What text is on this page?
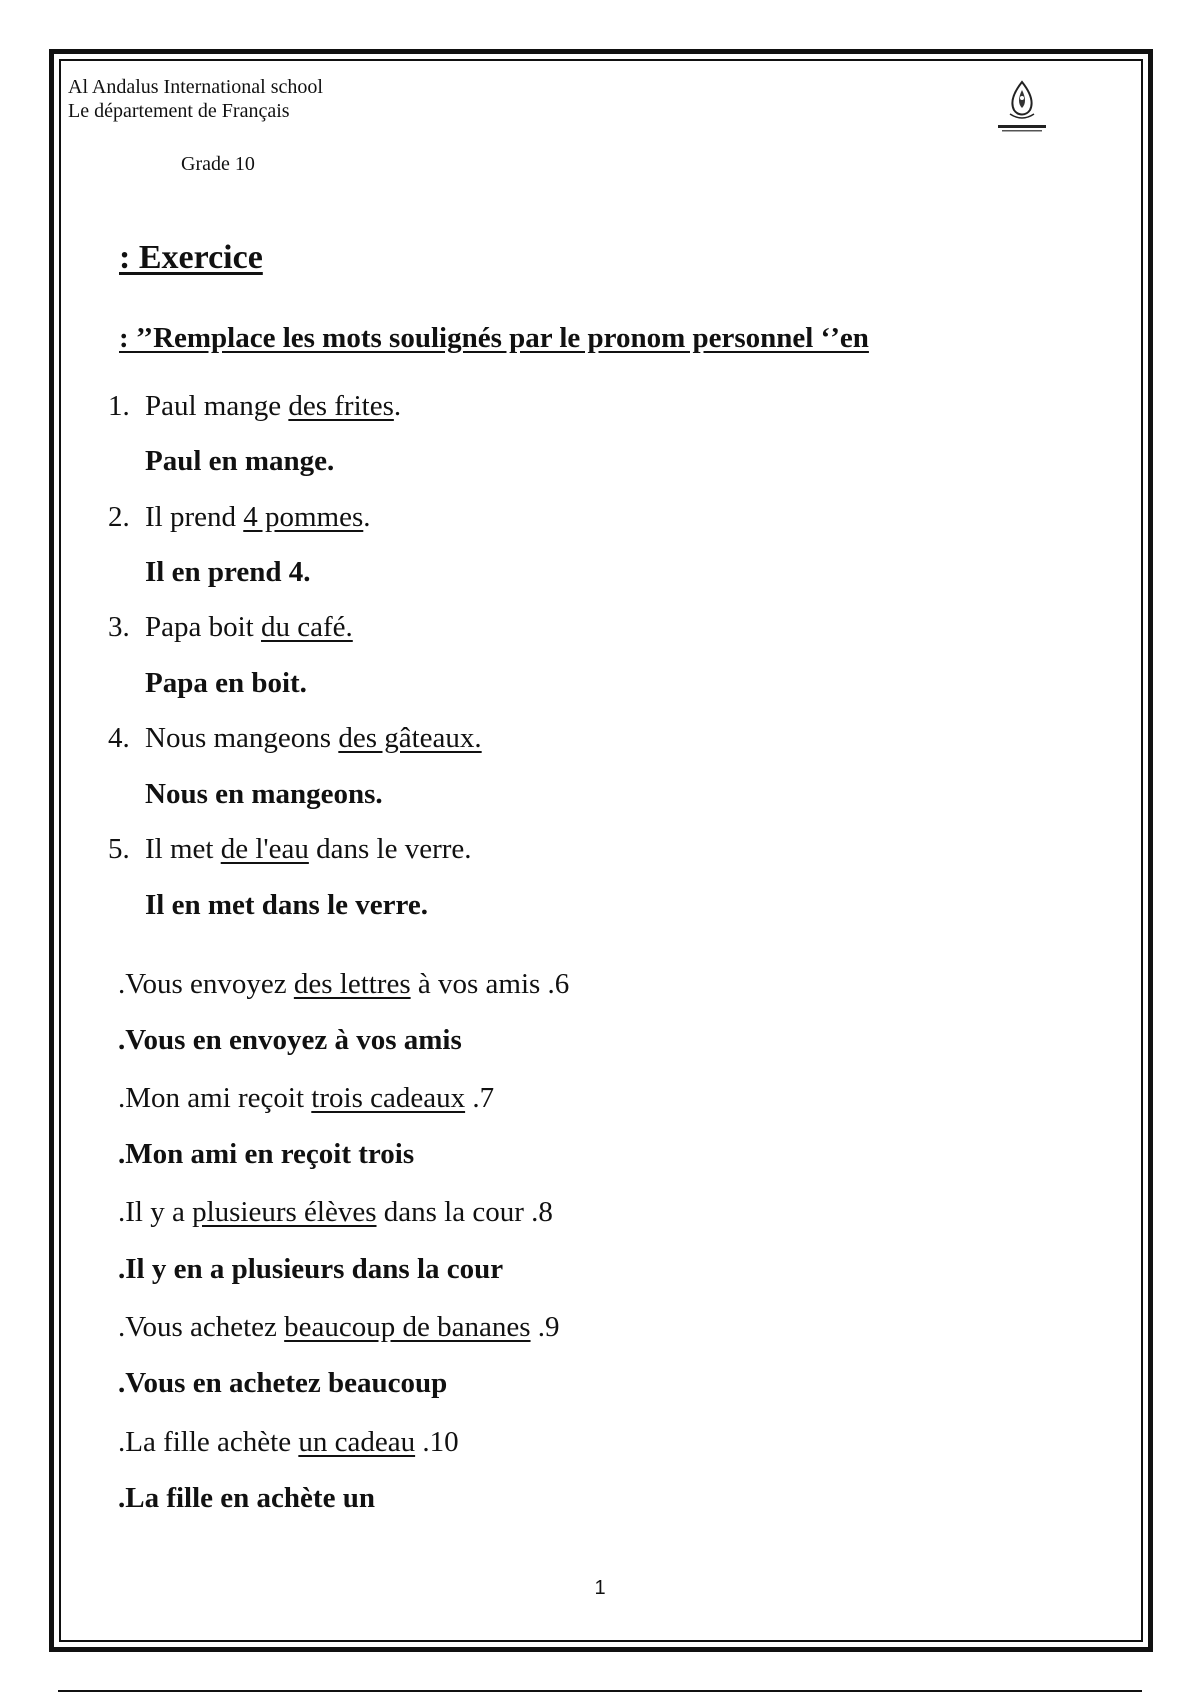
Al Andalus International school
Le département de Français
Grade 10
: Exercice
: ’’Remplace les mots soulignés par le pronom personnel ‘’en
1. Paul mange des frites.
Paul en mange.
2. Il prend 4 pommes.
Il en prend 4.
3. Papa boit du café.
Papa en boit.
4. Nous mangeons des gâteaux.
Nous en mangeons.
5. Il met de l'eau dans le verre.
Il en met dans le verre.
.Vous envoyez des lettres à vos amis .6
.Vous en envoyez à vos amis
.Mon ami reçoit trois cadeaux .7
.Mon ami en reçoit trois
.Il y a plusieurs élèves dans la cour .8
.Il y en a plusieurs dans la cour
.Vous achetez beaucoup de bananes .9
.Vous en achetez beaucoup
.La fille achète un cadeau .10
.La fille en achète un
1
